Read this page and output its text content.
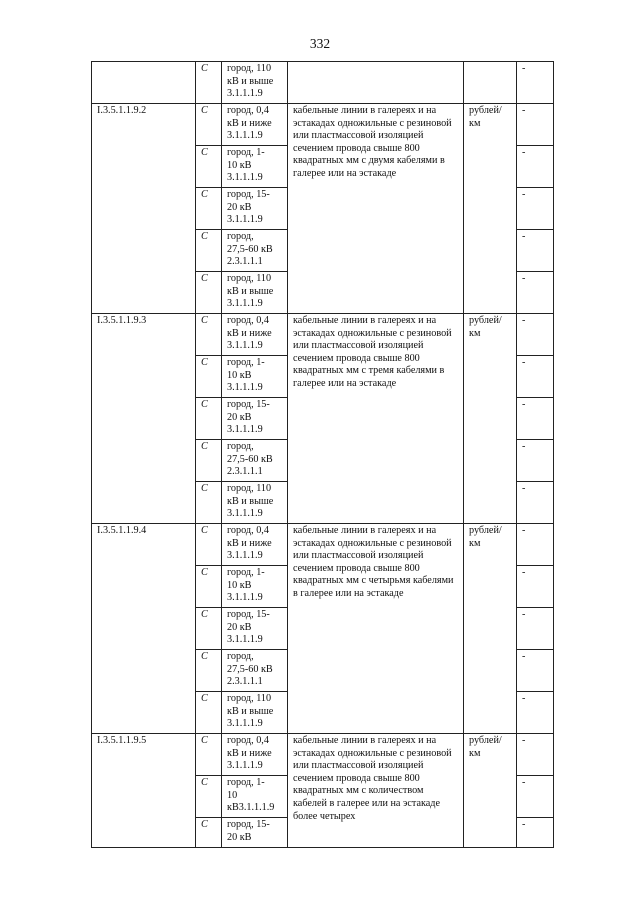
332
	С	город, 110
кВ и выше
3.1.1.1.9			-
I.3.5.1.1.9.2	С	город, 0,4
кВ и ниже
3.1.1.1.9	кабельные линии в галереях и на эстакадах одножильные с резиновой или пластмассовой изоляцией сечением провода свыше 800 квадратных мм с двумя кабелями в галерее или на эстакаде	рублей/ км	-
	С	город, 1-
10 кВ
3.1.1.1.9			-
	С	город, 15-
20 кВ
3.1.1.1.9			-
	С	город,
27,5-60 кВ
2.3.1.1.1			-
	С	город, 110
кВ и выше
3.1.1.1.9			-
I.3.5.1.1.9.3	С	город, 0,4
кВ и ниже
3.1.1.1.9	кабельные линии в галереях и на эстакадах одножильные с резиновой или пластмассовой изоляцией сечением провода свыше 800 квадратных мм с тремя кабелями в галерее или на эстакаде	рублей/ км	-
	С	город, 1-
10 кВ
3.1.1.1.9			-
	С	город, 15-
20 кВ
3.1.1.1.9			-
	С	город,
27,5-60 кВ
2.3.1.1.1			-
	С	город, 110
кВ и выше
3.1.1.1.9			-
I.3.5.1.1.9.4	С	город, 0,4
кВ и ниже
3.1.1.1.9	кабельные линии в галереях и на эстакадах одножильные с резиновой или пластмассовой изоляцией сечением провода свыше 800 квадратных мм с четырьмя кабелями в галерее или на эстакаде	рублей/ км	-
	С	город, 1-
10 кВ
3.1.1.1.9			-
	С	город, 15-
20 кВ
3.1.1.1.9			-
	С	город,
27,5-60 кВ
2.3.1.1.1			-
	С	город, 110
кВ и выше
3.1.1.1.9			-
I.3.5.1.1.9.5	С	город, 0,4
кВ и ниже
3.1.1.1.9	кабельные линии в галереях и на эстакадах одножильные с резиновой или пластмассовой изоляцией сечением провода свыше 800 квадратных мм с количеством кабелей в галерее или на эстакаде более четырех	рублей/ км	-
	С	город, 1-
10
кВ3.1.1.1.9			-
	С	город, 15-
20 кВ			-
